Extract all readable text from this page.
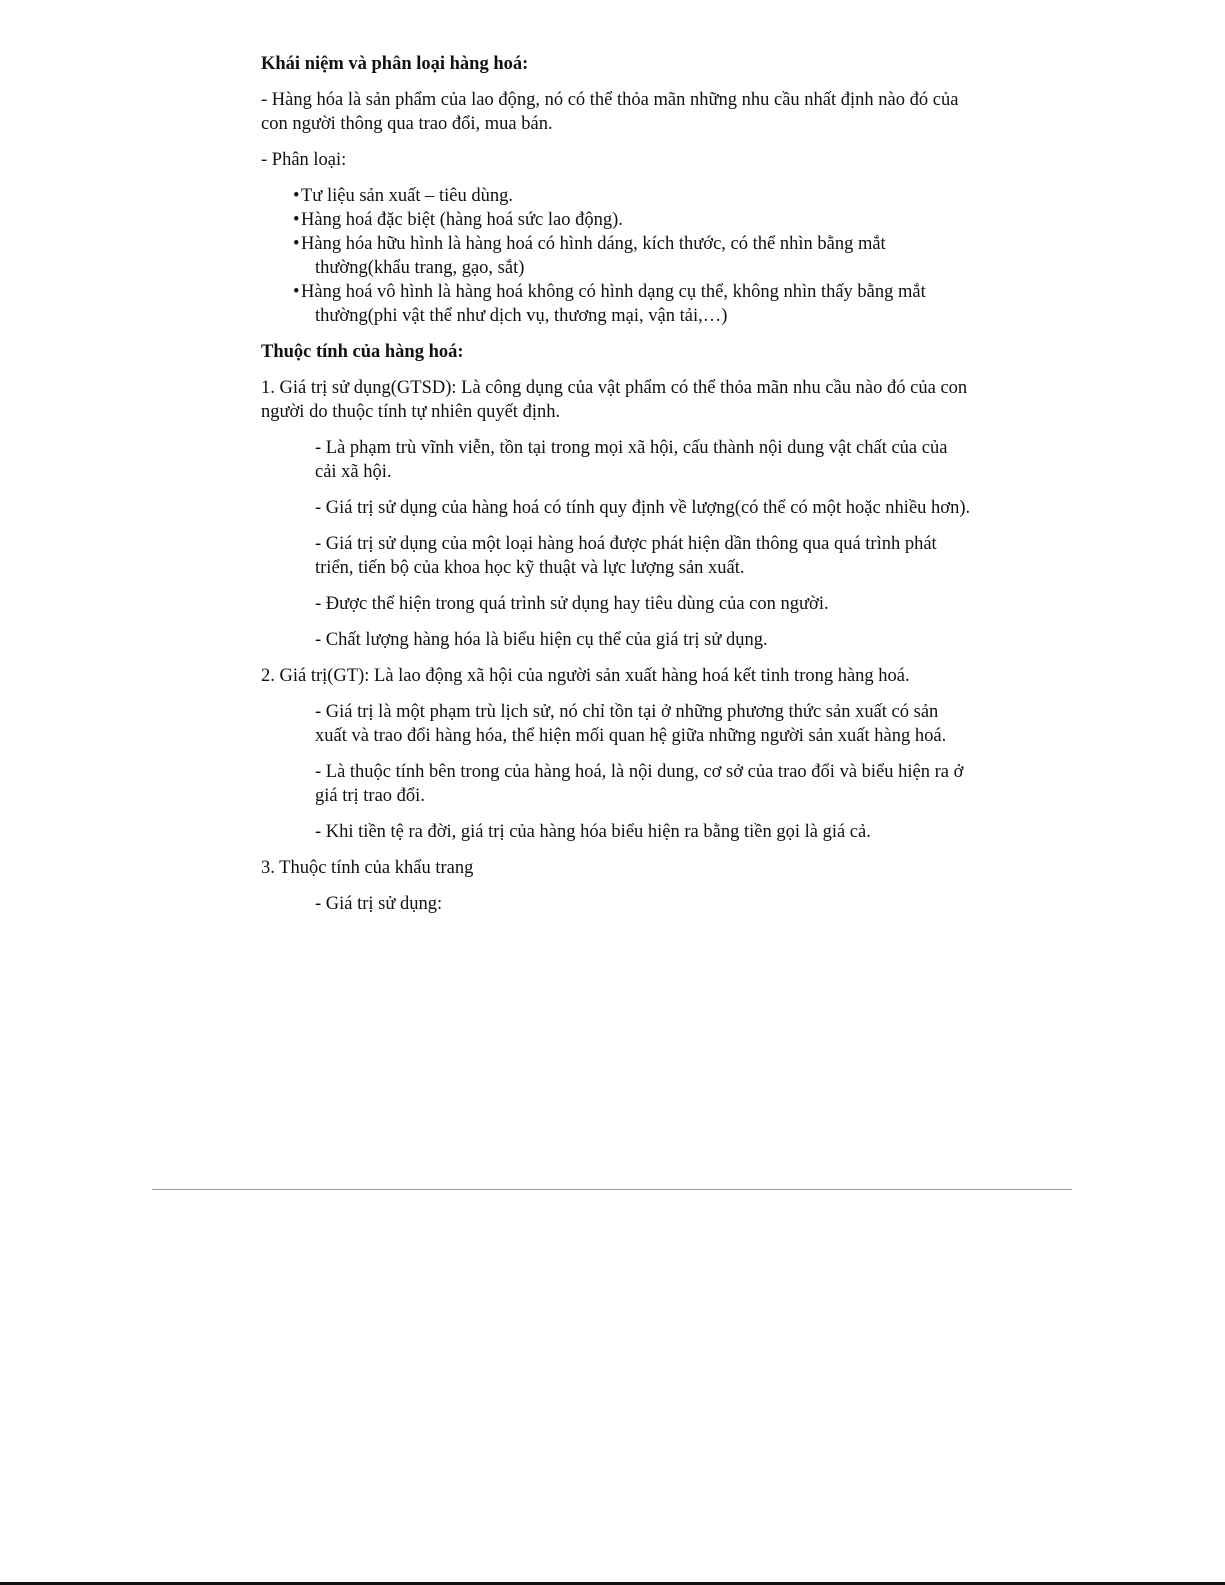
Khái niệm và phân loại hàng hoá:

- Hàng hóa là sản phẩm của lao động, nó có thể thỏa mãn những nhu cầu nhất định nào đó của con người thông qua trao đổi, mua bán.

- Phân loại:

•Tư liệu sản xuất – tiêu dùng.
•Hàng hoá đặc biệt (hàng hoá sức lao động).
•Hàng hóa hữu hình là hàng hoá có hình dáng, kích thước, có thể nhìn bằng mắt thường(khẩu trang, gạo, sắt)
•Hàng hoá vô hình là hàng hoá không có hình dạng cụ thể, không nhìn thấy bằng mắt thường(phi vật thể như dịch vụ, thương mại, vận tải,…)

Thuộc tính của hàng hoá:

1. Giá trị sử dụng(GTSD): Là công dụng của vật phẩm có thể thỏa mãn nhu cầu nào đó của con người do thuộc tính tự nhiên quyết định.

- Là phạm trù vĩnh viễn, tồn tại trong mọi xã hội, cấu thành nội dung vật chất của của cải xã hội.

- Giá trị sử dụng của hàng hoá có tính quy định về lượng(có thể có một hoặc nhiều hơn).

- Giá trị sử dụng của một loại hàng hoá được phát hiện dần thông qua quá trình phát triển, tiến bộ của khoa học kỹ thuật và lực lượng sản xuất.

- Được thể hiện trong quá trình sử dụng hay tiêu dùng của con người.

- Chất lượng hàng hóa là biểu hiện cụ thể của giá trị sử dụng.

2. Giá trị(GT): Là lao động xã hội của người sản xuất hàng hoá kết tinh trong hàng hoá.

- Giá trị là một phạm trù lịch sử, nó chỉ tồn tại ở những phương thức sản xuất có sản xuất và trao đổi hàng hóa, thể hiện mối quan hệ giữa những người sản xuất hàng hoá.

- Là thuộc tính bên trong của hàng hoá, là nội dung, cơ sở của trao đổi và biểu hiện ra ở giá trị trao đổi.

- Khi tiền tệ ra đời, giá trị của hàng hóa biểu hiện ra bằng tiền gọi là giá cả.

3. Thuộc tính của khẩu trang

- Giá trị sử dụng:
